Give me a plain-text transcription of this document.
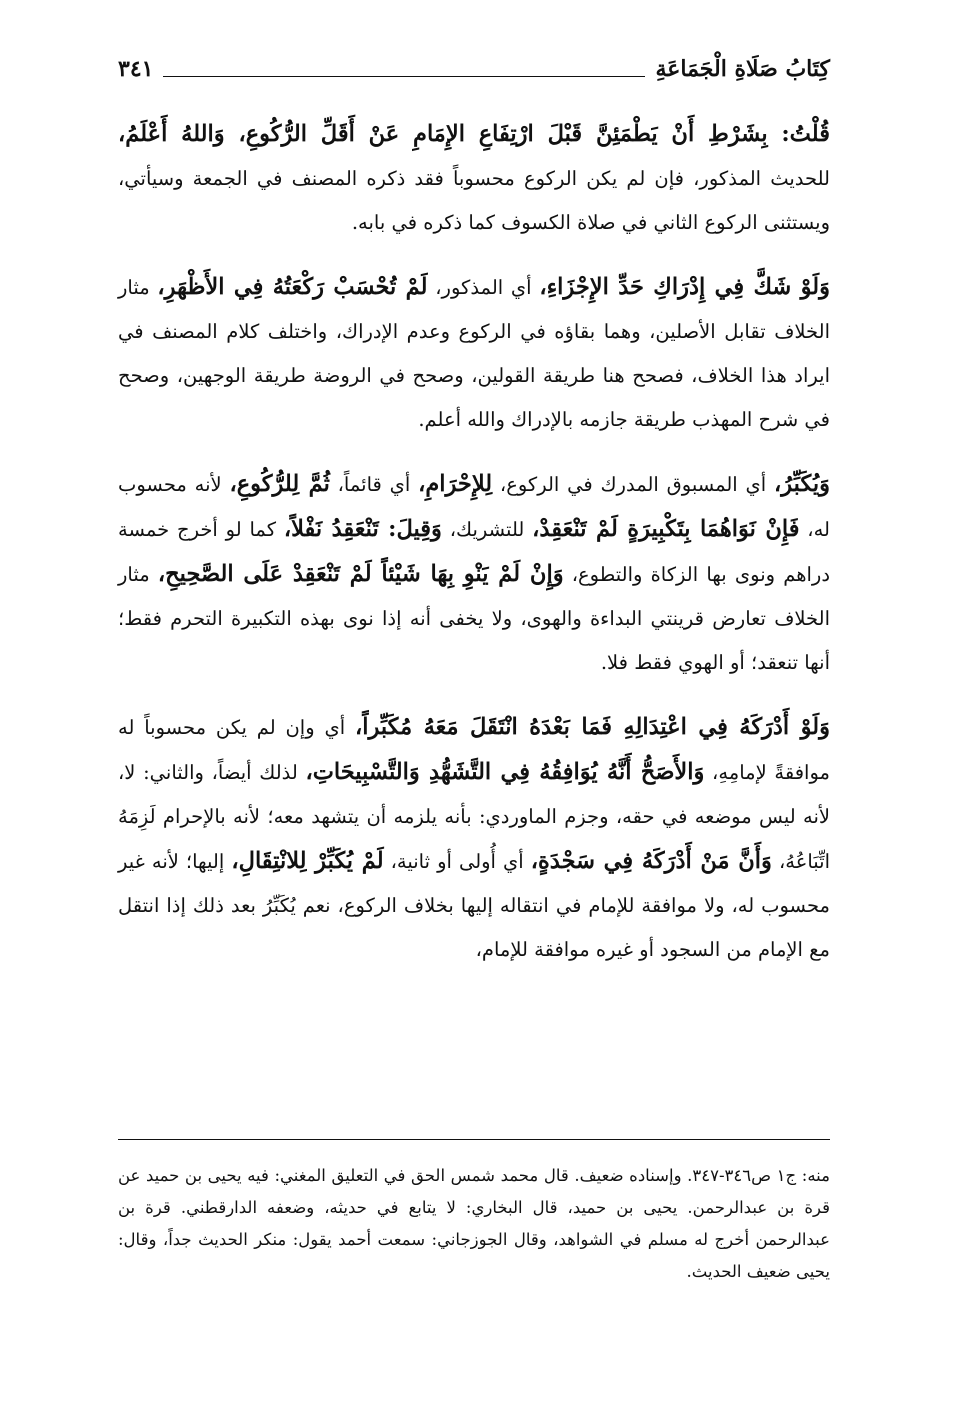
كِتَابُ صَلَاةِ الْجَمَاعَةِ
٣٤١

قُلْتُ: بِشَرْطِ أَنْ يَطْمَئِنَّ قَبْلَ ارْتِفَاعِ الإِمَامِ عَنْ أَقَلِّ الرُّكُوعِ، وَاللهُ أَعْلَمُ، للحديث المذكور، فإن لم يكن الركوع محسوباً فقد ذكره المصنف في الجمعة وسيأتي، ويستثنى الركوع الثاني في صلاة الكسوف كما ذكره في بابه.

وَلَوْ شَكَّ فِي إِدْرَاكِ حَدِّ الإِجْزَاءِ، أي المذكور، لَمْ تُحْسَبْ رَكْعَتُهُ فِي الأَظْهَرِ، مثار الخلاف تقابل الأصلين، وهما بقاؤه في الركوع وعدم الإدراك، واختلف كلام المصنف في ايراد هذا الخلاف، فصحح هنا طريقة القولين، وصحح في الروضة طريقة الوجهين، وصحح في شرح المهذب طريقة جازمه بالإدراك والله أعلم.

وَيُكَبِّرُ، أي المسبوق المدرك في الركوع، لِلإِحْرَامِ، أي قائماً، ثُمَّ لِلرُّكُوعِ، لأنه محسوب له، فَإِنْ نَوَاهُمَا بِتَكْبِيرَةٍ لَمْ تَنْعَقِدْ، للتشريك، وَقِيلَ: تَنْعَقِدُ نَفْلاً، كما لو أخرج خمسة دراهم ونوى بها الزكاة والتطوع، وَإِنْ لَمْ يَنْوِ بِهَا شَيْئاً لَمْ تَنْعَقِدْ عَلَى الصَّحِيحِ، مثار الخلاف تعارض قرينتي البداءة والهوى، ولا يخفى أنه إذا نوى بهذه التكبيرة التحرم فقط؛ أنها تنعقد؛ أو الهوي فقط فلا.

وَلَوْ أَدْرَكَهُ فِي اعْتِدَالِهِ فَمَا بَعْدَهُ انْتَقَلَ مَعَهُ مُكَبِّراً، أي وإن لم يكن محسوباً له موافقةً لإمامِهِ، وَالأَصَحُّ أَنَّهُ يُوَافِقُهُ فِي التَّشَهُّدِ وَالتَّسْبِيحَاتِ، لذلك أيضاً، والثاني: لا، لأنه ليس موضعه في حقه، وجزم الماوردي: بأنه يلزمه أن يتشهد معه؛ لأنه بالإحرام لَزِمَهُ اتِّبَاعُهُ، وَأَنَّ مَنْ أَدْرَكَهُ فِي سَجْدَةٍ، أي أُولى أو ثانية، لَمْ يُكَبِّرْ لِلانْتِقَالِ، إليها؛ لأنه غير محسوب له، ولا موافقة للإمام في انتقاله إليها بخلاف الركوع، نعم يُكَبِّرُ بعد ذلك إذا انتقل مع الإمام من السجود أو غيره موافقة للإمام،

منه: ج١ ص٣٤٦-٣٤٧. وإسناده ضعيف. قال محمد شمس الحق في التعليق المغني: فيه يحيى بن حميد عن قرة بن عبدالرحمن. يحيى بن حميد، قال البخاري: لا يتابع في حديثه، وضعفه الدارقطني. قرة بن عبدالرحمن أخرج له مسلم في الشواهد، وقال الجوزجاني: سمعت أحمد يقول: منكر الحديث جداً، وقال: يحيى ضعيف الحديث.
